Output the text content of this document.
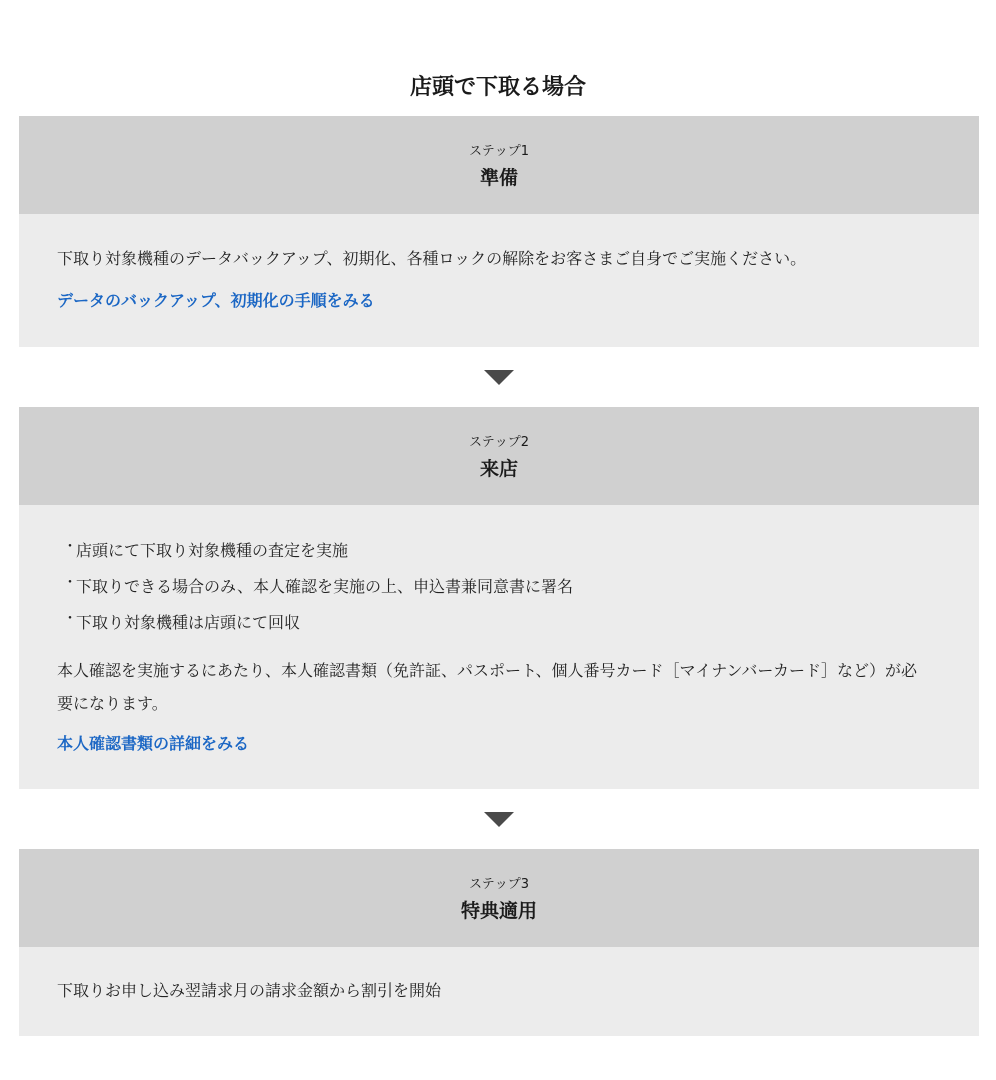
店頭で下取る場合
ステップ1
準備

下取り対象機種のデータバックアップ、初期化、各種ロックの解除をお客さまご自身でご実施ください。

データのバックアップ、初期化の手順をみる
ステップ2
来店
・ 店頭にて下取り対象機種の査定を実施
・ 下取りできる場合のみ、本人確認を実施の上、申込書兼同意書に署名
・ 下取り対象機種は店頭にて回収

本人確認を実施するにあたり、本人確認書類（免許証、パスポート、個人番号カード［マイナンバーカード］など）が必要になります。

本人確認書類の詳細をみる
ステップ3
特典適用

下取りお申し込み翌請求月の請求金額から割引を開始
